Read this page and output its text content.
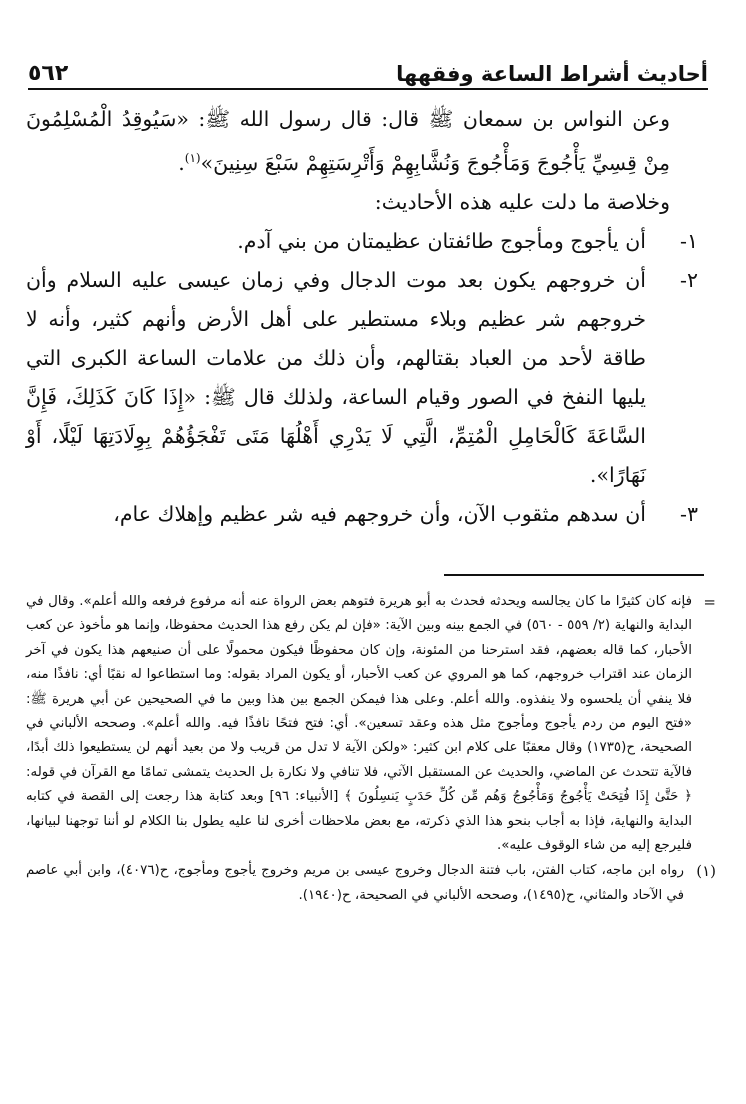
أحاديث أشراط الساعة وفقهها
٥٦٢

وعن النواس بن سمعان ﷺ قال: قال رسول الله ﷺ: «سَيُوقِدُ الْمُسْلِمُونَ مِنْ قِسِيِّ يَأْجُوجَ وَمَأْجُوجَ وَنُشَّابِهِمْ وَأَتْرِسَتِهِمْ سَبْعَ سِنِينَ»$^{(١)}$.

وخلاصة ما دلت عليه هذه الأحاديث:

١-

أن يأجوج ومأجوج طائفتان عظيمتان من بني آدم.

٢-

أن خروجهم يكون بعد موت الدجال وفي زمان عيسى عليه السلام وأن خروجهم شر عظيم وبلاء مستطير على أهل الأرض وأنهم كثير، وأنه لا طاقة لأحد من العباد بقتالهم، وأن ذلك من علامات الساعة الكبرى التي يليها النفخ في الصور وقيام الساعة، ولذلك قال ﷺ: «إِذَا كَانَ كَذَلِكَ، فَإِنَّ السَّاعَةَ كَالْحَامِلِ الْمُتِمِّ، الَّتِي لَا يَدْرِي أَهْلُهَا مَتَى تَفْجَؤُهُمْ بِوِلَادَتِهَا لَيْلًا، أَوْ نَهَارًا».

٣-

أن سدهم مثقوب الآن، وأن خروجهم فيه شر عظيم وإهلاك عام،

=

فإنه كان كثيرًا ما كان يجالسه ويحدثه فحدث به أبو هريرة فتوهم بعض الرواة عنه أنه مرفوع فرفعه والله أعلم». وقال في البداية والنهاية (٢/ ٥٥٩ - ٥٦٠) في الجمع بينه وبين الآية: «فإن لم يكن رفع هذا الحديث محفوظا، وإنما هو مأخوذ عن كعب الأحبار، كما قاله بعضهم، فقد استرحنا من المئونة، وإن كان محفوظًا فيكون محمولًا على أن صنيعهم هذا يكون في آخر الزمان عند اقتراب خروجهم، كما هو المروي عن كعب الأحبار، أو يكون المراد بقوله: وما استطاعوا له نقبًا أي: نافذًا منه، فلا ينفي أن يلحسوه ولا ينفذوه. والله أعلم. وعلى هذا فيمكن الجمع بين هذا وبين ما في الصحيحين عن أبي هريرة ﷺ: «فتح اليوم من ردم يأجوج ومأجوج مثل هذه وعقد تسعين». أي: فتح فتحًا نافذًا فيه. والله أعلم». وصححه الألباني في الصحيحة، ح(١٧٣٥) وقال معقبًا على كلام ابن كثير: «ولكن الآية لا تدل من قريب ولا من بعيد أنهم لن يستطيعوا ذلك أبدًا، فالآية تتحدث عن الماضي، والحديث عن المستقبل الآتي، فلا تنافي ولا نكارة بل الحديث يتمشى تمامًا مع القرآن في قوله: ﴿ حَتَّىٰ إِذَا فُتِحَتْ يَأْجُوجُ وَمَأْجُوجُ وَهُم مِّن كُلِّ حَدَبٍ يَنسِلُونَ ﴾ [الأنبياء: ٩٦] وبعد كتابة هذا رجعت إلى القصة في كتابه البداية والنهاية، فإذا به أجاب بنحو هذا الذي ذكرته، مع بعض ملاحظات أخرى لنا عليه يطول بنا الكلام لو أننا توجهنا لبيانها، فليرجع إليه من شاء الوقوف عليه».

(١)

رواه ابن ماجه، كتاب الفتن، باب فتنة الدجال وخروج عيسى بن مريم وخروج يأجوج ومأجوج، ح(٤٠٧٦)، وابن أبي عاصم في الآحاد والمثاني، ح(١٤٩٥)، وصححه الألباني في الصحيحة، ح(١٩٤٠).
